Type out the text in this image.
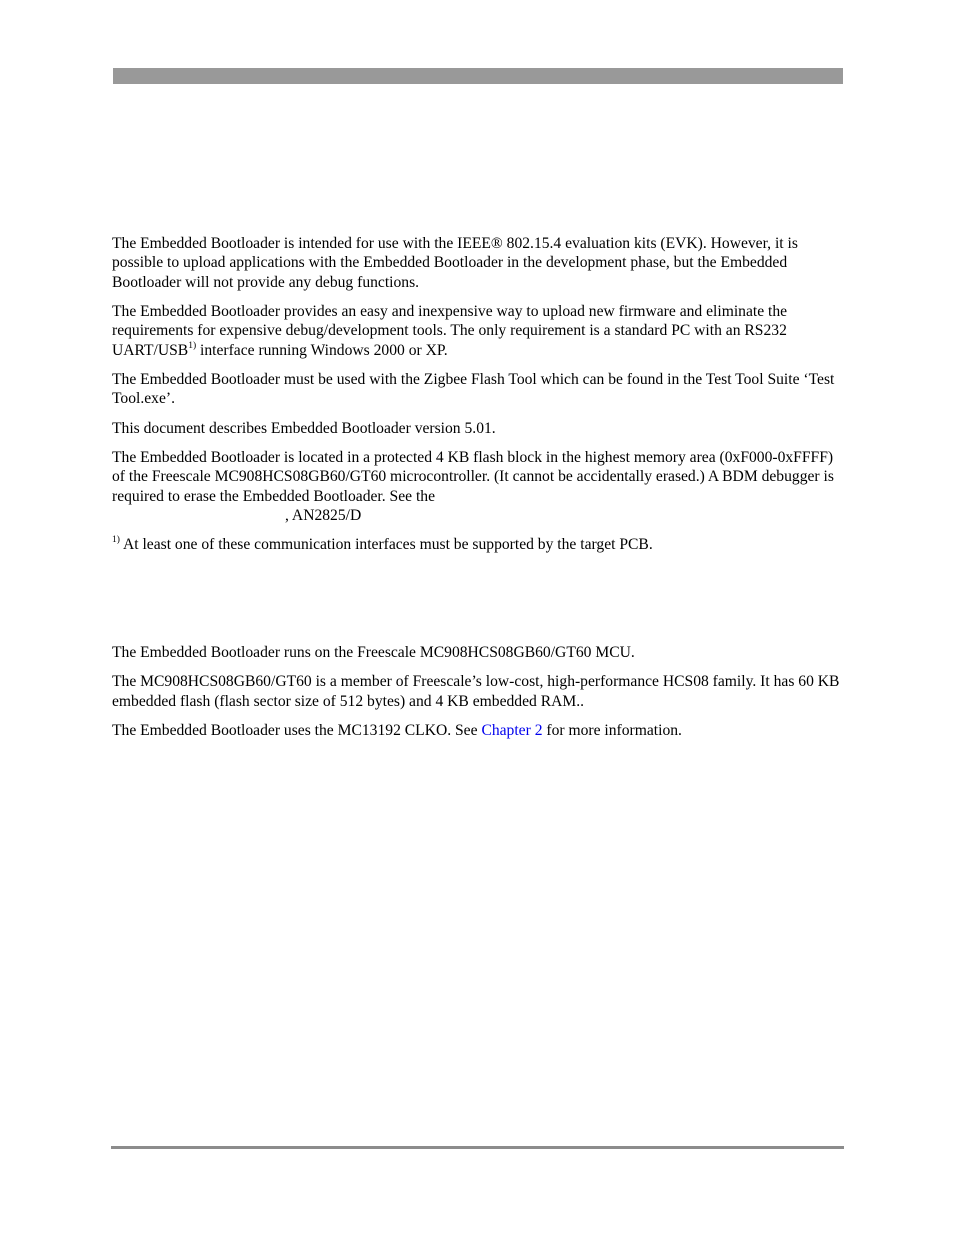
The Embedded Bootloader is intended for use with the IEEE® 802.15.4 evaluation kits (EVK). However, it is possible to upload applications with the Embedded Bootloader in the development phase, but the Embedded Bootloader will not provide any debug functions.

The Embedded Bootloader provides an easy and inexpensive way to upload new firmware and eliminate the requirements for expensive debug/development tools. The only requirement is a standard PC with an RS232 UART/USB$^{1)}$ interface running Windows 2000 or XP.

The Embedded Bootloader must be used with the Zigbee Flash Tool which can be found in the Test Tool Suite ‘Test Tool.exe’.

This document describes Embedded Bootloader version 5.01.

The Embedded Bootloader is located in a protected 4 KB flash block in the highest memory area (0xF000-0xFFFF) of the Freescale MC908HCS08GB60/GT60 microcontroller. (It cannot be accidentally erased.) A BDM debugger is required to erase the Embedded Bootloader. See the
, AN2825/D

$^{1)}$ At least one of these communication interfaces must be supported by the target PCB.

The Embedded Bootloader runs on the Freescale MC908HCS08GB60/GT60 MCU.

The MC908HCS08GB60/GT60 is a member of Freescale’s low-cost, high-performance HCS08 family. It has 60 KB embedded flash (flash sector size of 512 bytes) and 4 KB embedded RAM..

The Embedded Bootloader uses the MC13192 CLKO. See Chapter 2 for more information.
